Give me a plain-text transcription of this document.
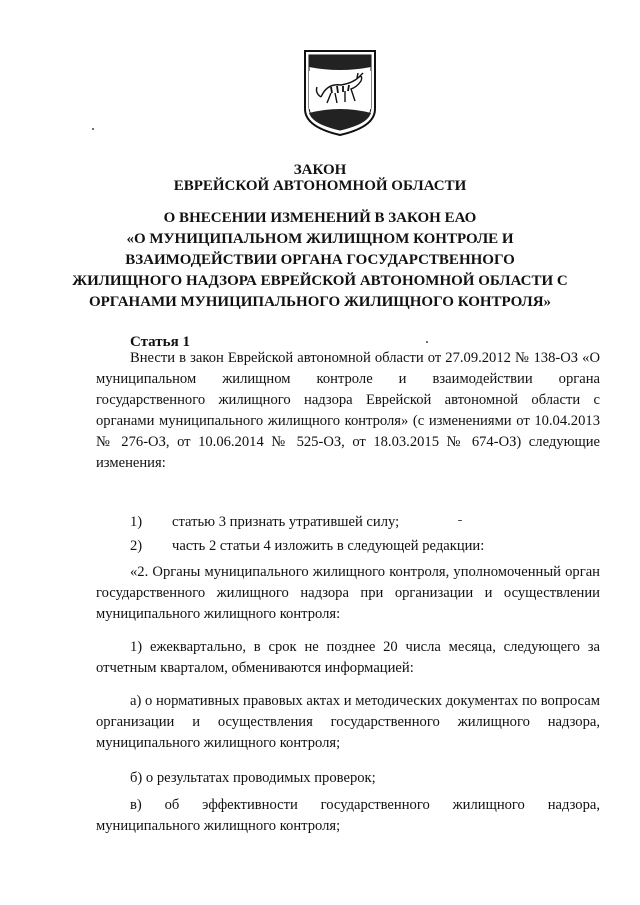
ЗАКОН
ЕВРЕЙСКОЙ АВТОНОМНОЙ ОБЛАСТИ
О ВНЕСЕНИИ ИЗМЕНЕНИЙ В ЗАКОН ЕАО
«О МУНИЦИПАЛЬНОМ ЖИЛИЩНОМ КОНТРОЛЕ И
ВЗАИМОДЕЙСТВИИ ОРГАНА ГОСУДАРСТВЕННОГО
ЖИЛИЩНОГО НАДЗОРА ЕВРЕЙСКОЙ АВТОНОМНОЙ ОБЛАСТИ С
ОРГАНАМИ МУНИЦИПАЛЬНОГО ЖИЛИЩНОГО КОНТРОЛЯ»
Статья 1
Внести в закон Еврейской автономной области от 27.09.2012 № 138-ОЗ «О муниципальном жилищном контроле и взаимодействии органа государственного жилищного надзора Еврейской автономной области с органами муниципального жилищного контроля» (с изменениями от 10.04.2013 № 276-ОЗ, от 10.06.2014 № 525-ОЗ, от 18.03.2015 № 674-ОЗ) следующие изменения:
1) статью 3 признать утратившей силу;
2) часть 2 статьи 4 изложить в следующей редакции:
«2. Органы муниципального жилищного контроля, уполномоченный орган государственного жилищного надзора при организации и осуществлении муниципального жилищного контроля:
1) ежеквартально, в срок не позднее 20 числа месяца, следующего за отчетным кварталом, обмениваются информацией:
а) о нормативных правовых актах и методических документах по вопросам организации и осуществления государственного жилищного надзора, муниципального жилищного контроля;
б) о результатах проводимых проверок;
в) об эффективности государственного жилищного надзора, муниципального жилищного контроля;
